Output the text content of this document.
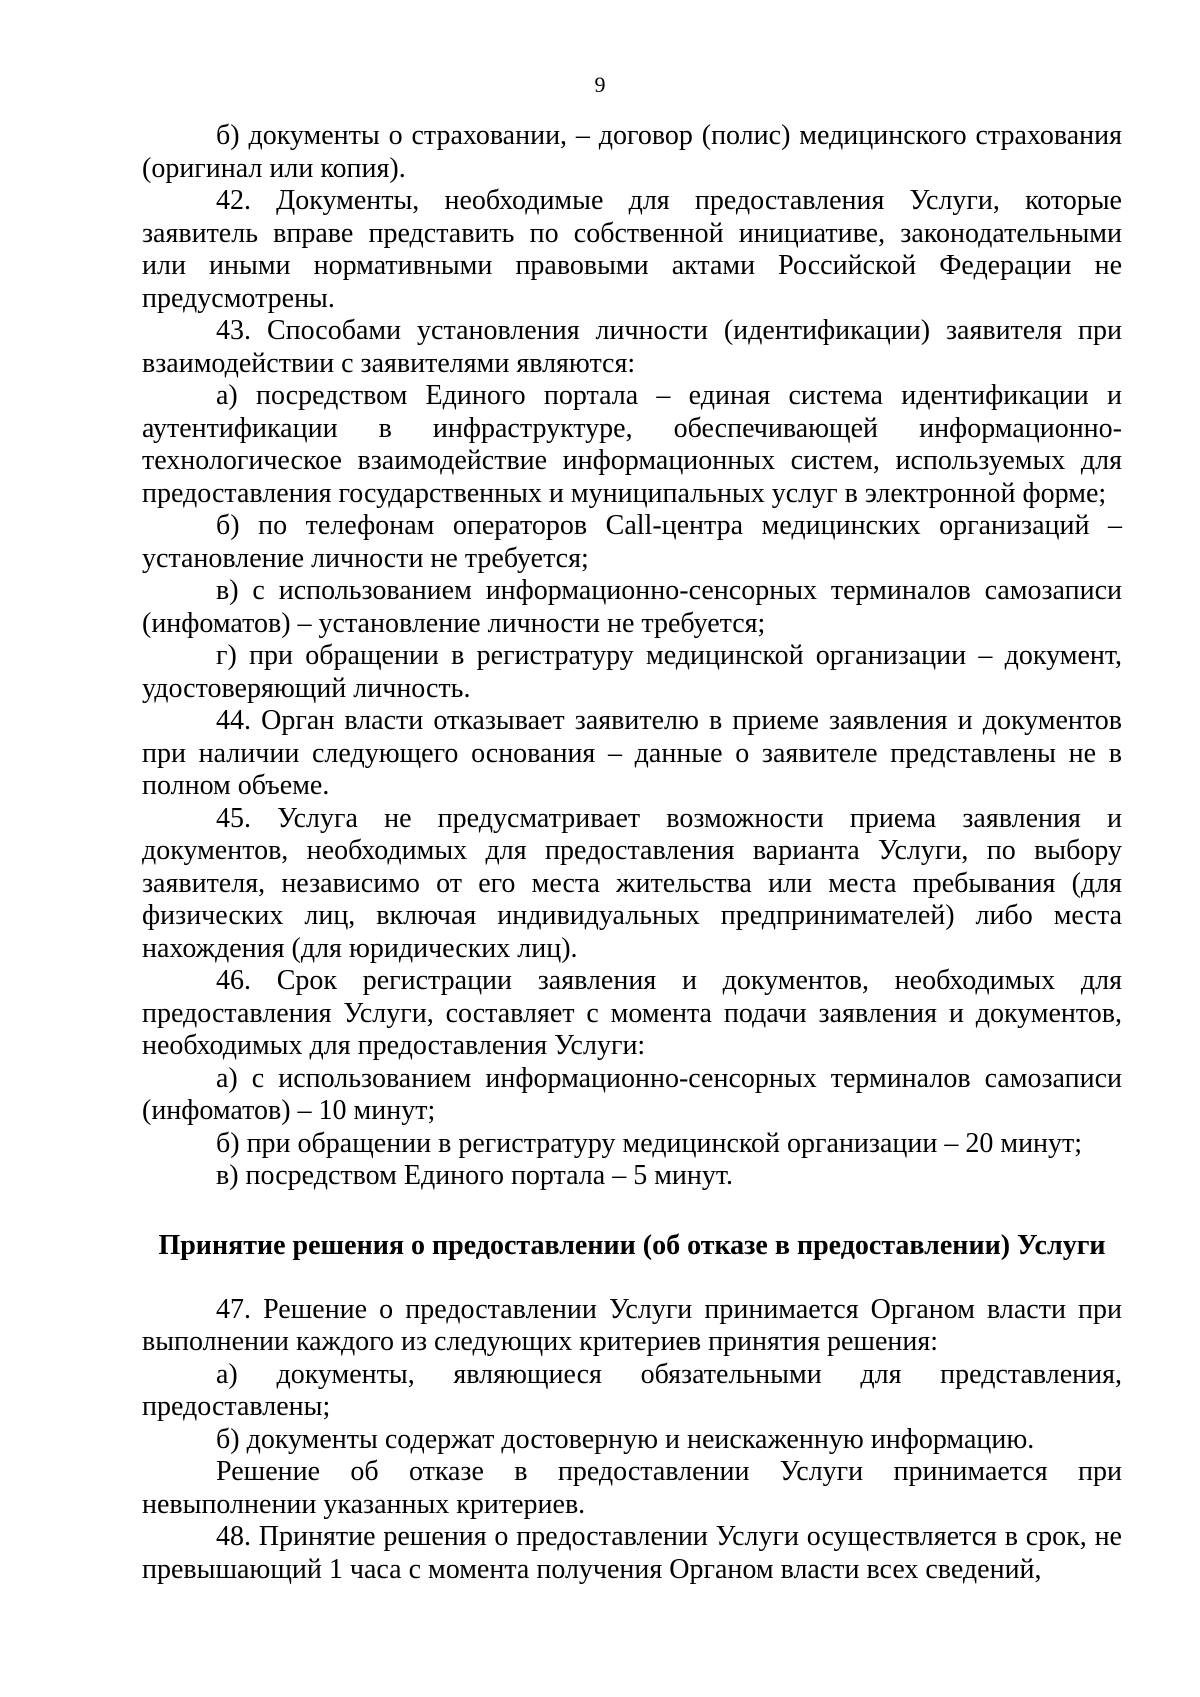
9

б) документы о страховании, – договор (полис) медицинского страхования (оригинал или копия).

42. Документы, необходимые для предоставления Услуги, которые заявитель вправе представить по собственной инициативе, законодательными или иными нормативными правовыми актами Российской Федерации не предусмотрены.

43. Способами установления личности (идентификации) заявителя при взаимодействии с заявителями являются:

а) посредством Единого портала – единая система идентификации и аутентификации в инфраструктуре, обеспечивающей информационно-технологическое взаимодействие информационных систем, используемых для предоставления государственных и муниципальных услуг в электронной форме;

б) по телефонам операторов Call-центра медицинских организаций – установление личности не требуется;

в) с использованием информационно-сенсорных терминалов самозаписи (инфоматов) – установление личности не требуется;

г) при обращении в регистратуру медицинской организации – документ, удостоверяющий личность.

44. Орган власти отказывает заявителю в приеме заявления и документов при наличии следующего основания – данные о заявителе представлены не в полном объеме.

45. Услуга не предусматривает возможности приема заявления и документов, необходимых для предоставления варианта Услуги, по выбору заявителя, независимо от его места жительства или места пребывания (для физических лиц, включая индивидуальных предпринимателей) либо места нахождения (для юридических лиц).

46. Срок регистрации заявления и документов, необходимых для предоставления Услуги, составляет с момента подачи заявления и документов, необходимых для предоставления Услуги:

а) с использованием информационно-сенсорных терминалов самозаписи (инфоматов) – 10 минут;

б) при обращении в регистратуру медицинской организации – 20 минут;

в) посредством Единого портала – 5 минут.

Принятие решения о предоставлении (об отказе в предоставлении) Услуги

47. Решение о предоставлении Услуги принимается Органом власти при выполнении каждого из следующих критериев принятия решения:

а) документы, являющиеся обязательными для представления, предоставлены;

б) документы содержат достоверную и неискаженную информацию.

Решение об отказе в предоставлении Услуги принимается при невыполнении указанных критериев.

48. Принятие решения о предоставлении Услуги осуществляется в срок, не превышающий 1 часа с момента получения Органом власти всех сведений,
